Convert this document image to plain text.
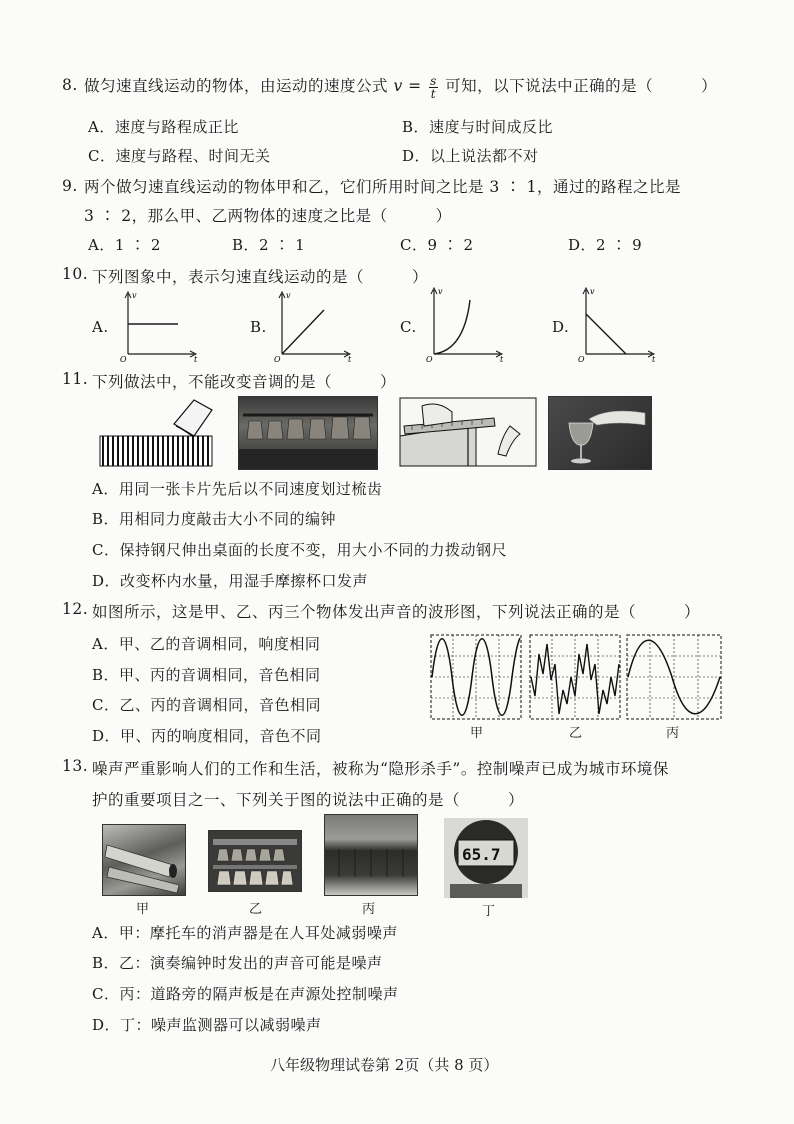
8. 做匀速直线运动的物体，由运动的速度公式 $v = \frac{s}{t}$ 可知，以下说法中正确的是（　　　）
A．速度与路程成正比	B．速度与时间成反比
C．速度与路程、时间无关	D．以上说法都不对
9. 两个做匀速直线运动的物体甲和乙，它们所用时间之比是 3 ∶ 1，通过的路程之比是
3 ∶ 2，那么甲、乙两物体的速度之比是（　　　）
A．1 ∶ 2	B．2 ∶ 1	C．9 ∶ 2	D．2 ∶ 9
10. 下列图象中，表示匀速直线运动的是（　　　）
A.
v
t
O
B.
v
t
O
C.
v
t
O
D.
v
t
O
11. 下列做法中，不能改变音调的是（　　　）
A．用同一张卡片先后以不同速度划过梳齿
B．用相同力度敲击大小不同的编钟
C．保持钢尺伸出桌面的长度不变，用大小不同的力拨动钢尺
D．改变杯内水量，用湿手摩擦杯口发声
12. 如图所示，这是甲、乙、丙三个物体发出声音的波形图，下列说法正确的是（　　　）
A．甲、乙的音调相同，响度相同
B．甲、丙的音调相同，音色相同
C．乙、丙的音调相同，音色相同
D．甲、丙的响度相同，音色不同	甲	乙	丙
13. 噪声严重影响人们的工作和生活，被称为“隐形杀手”。控制噪声已成为城市环境保
护的重要项目之一、下列关于图的说法中正确的是（　　　）
甲	乙	丙
65.7
丁
A．甲：摩托车的消声器是在人耳处减弱噪声
B．乙：演奏编钟时发出的声音可能是噪声
C．丙：道路旁的隔声板是在声源处控制噪声
D．丁：噪声监测器可以减弱噪声
八年级物理试卷第 2页（共 8 页）
